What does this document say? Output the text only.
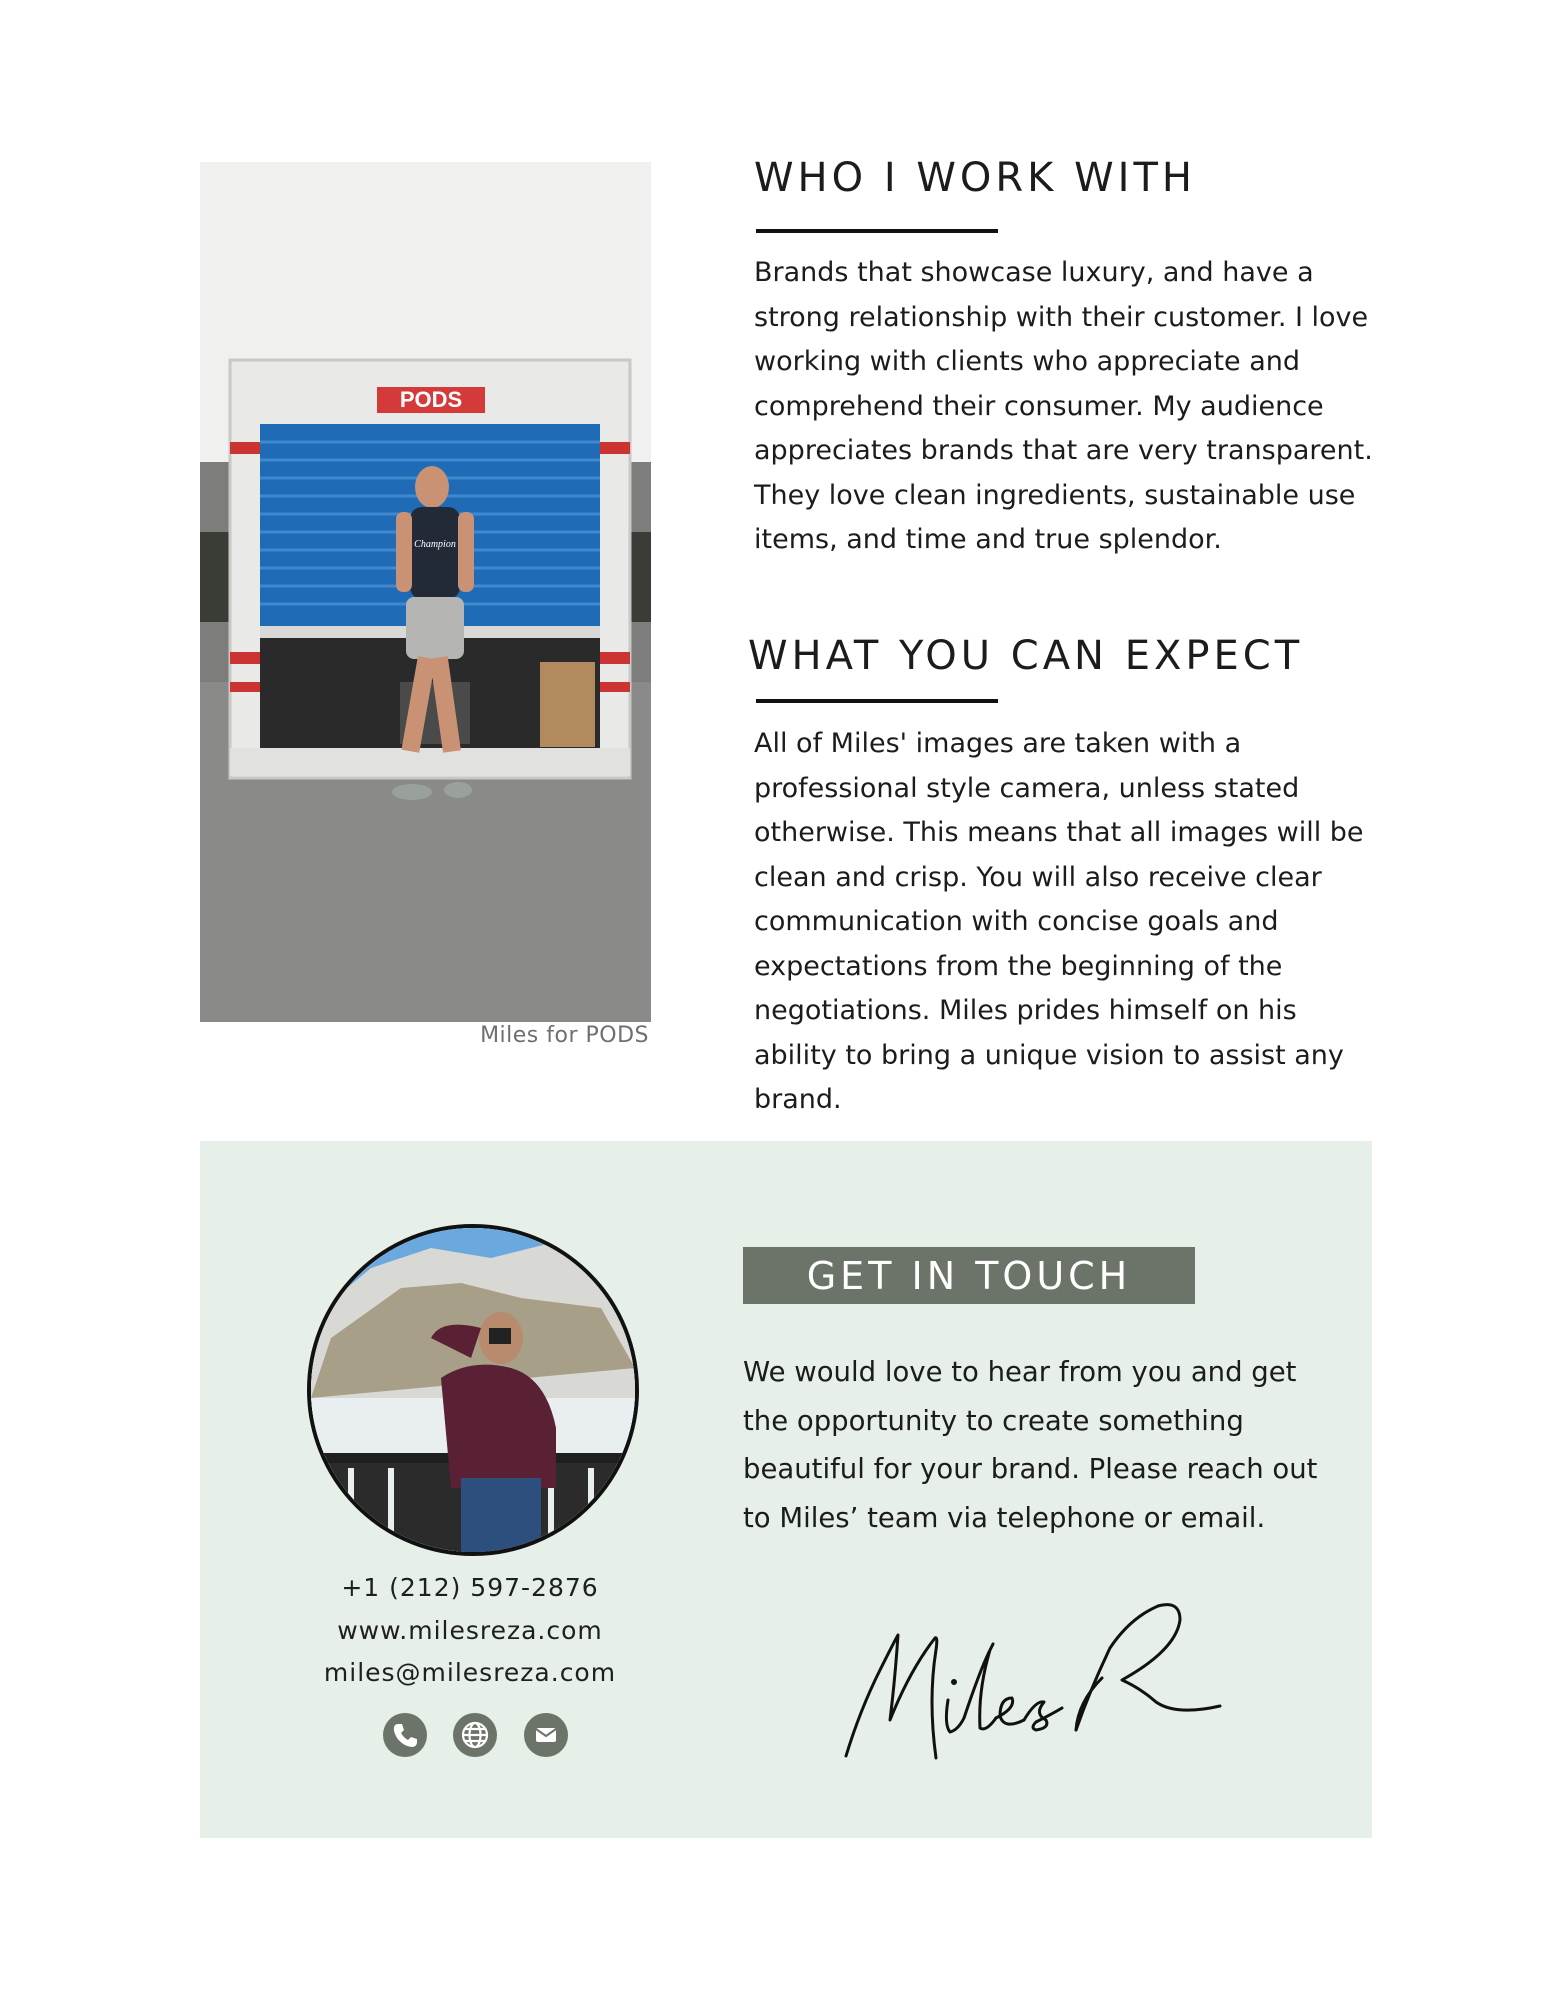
PODS
Champion
Miles for PODS
WHO I WORK WITH
Brands that showcase luxury, and have a strong relationship with their customer. I love working with clients who appreciate and comprehend their consumer. My audience appreciates brands that are very transparent. They love clean ingredients, sustainable use items, and time and true splendor.
WHAT YOU CAN EXPECT
All of Miles' images are taken with a professional style camera, unless stated otherwise. This means that all images will be clean and crisp. You will also receive clear communication with concise goals and expectations from the beginning of the negotiations. Miles prides himself on his ability to bring a unique vision to assist any brand.
+1 (212) 597-2876
www.milesreza.com
miles@milesreza.com
GET IN TOUCH
We would love to hear from you and get the opportunity to create something beautiful for your brand. Please reach out to Miles’ team via telephone or email.
